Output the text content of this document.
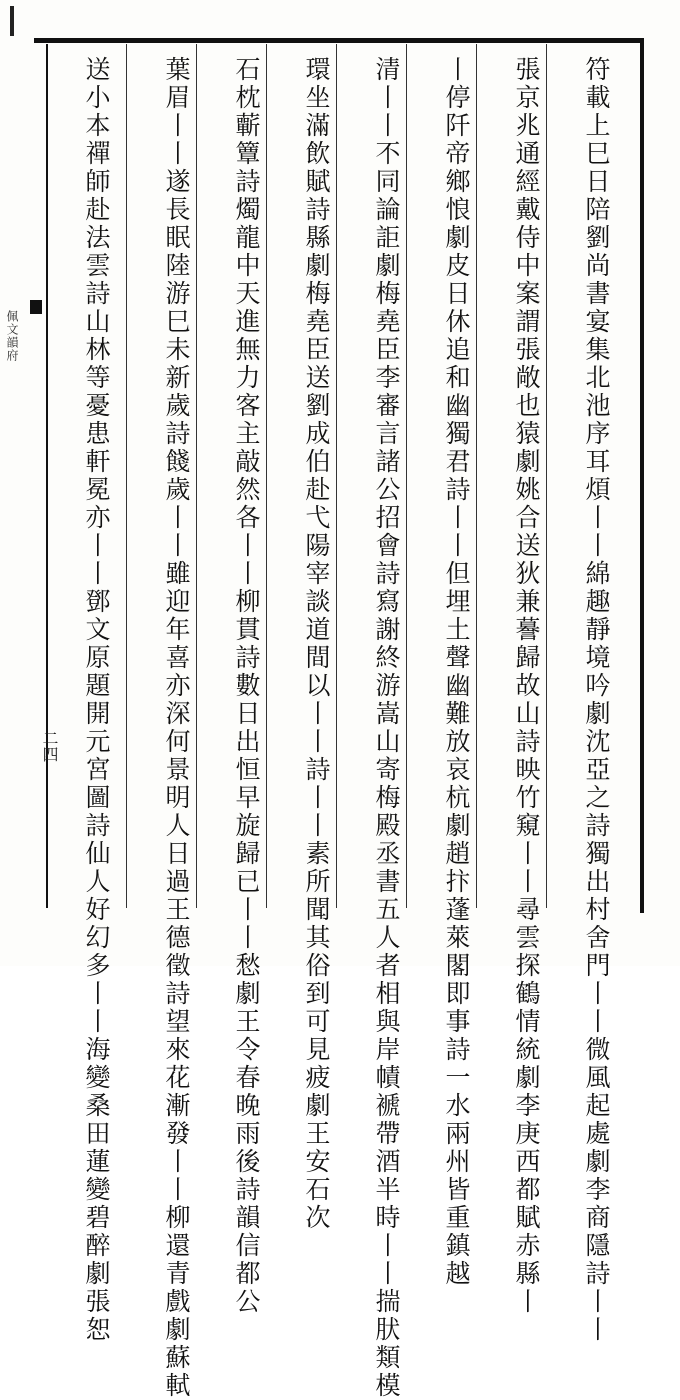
符載上巳日陪劉尚書宴集北池序耳煩丨丨綿趣靜境吟劇沈亞之詩獨出村舍門丨丨微風起處劇李商隱詩丨丨
張京兆通經戴侍中案謂張敞也猿劇姚合送狄兼謩歸故山詩映竹窺丨丨尋雲探鶴情統劇李庚西都賦赤縣丨
丨停阡帝鄉悢劇皮日休追和幽獨君詩丨丨但埋土聲幽難放哀杭劇趙抃蓬萊閣即事詩一水兩州皆重鎮越
清丨丨不同論詎劇梅堯臣李審言諸公招會詩寫謝終游嵩山寄梅殿丞書五人者相與岸幘褫帶酒半時丨丨揣肰類模
環坐滿飲賦詩縣劇梅堯臣送劉成伯赴弋陽宰談道間以丨丨詩丨丨素所聞其俗到可見疲劇王安石次
石枕蘄簟詩燭龍中天進無力客主敲然各丨丨柳貫詩數日出恒早旋歸已丨丨愁劇王令春晚雨後詩韻信都公
葉眉丨丨遂長眠陸游巳未新歲詩餞歲丨丨雖迎年喜亦深何景明人日過王德徵詩望來花漸發丨丨柳還青戲劇蘇軾
送小本禪師赴法雲詩山林等憂患軒冕亦丨丨鄧文原題開元宮圖詩仙人好幻多丨丨海變桑田蓮變碧醉劇張恕
佩文韻府
二四
